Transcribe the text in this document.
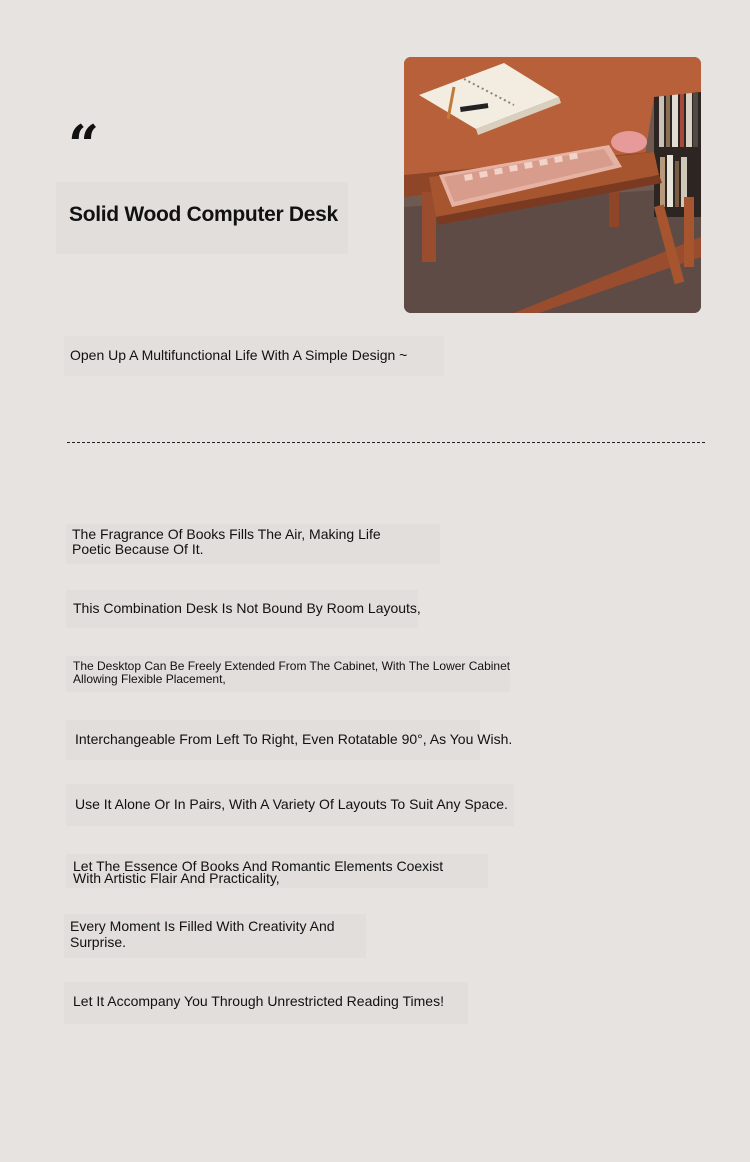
“
Solid Wood Computer Desk
Open Up A Multifunctional Life With A Simple Design ~
The Fragrance Of Books Fills The Air, Making Life
Poetic Because Of It.
This Combination Desk Is Not Bound By Room Layouts,
The Desktop Can Be Freely Extended From The Cabinet, With The Lower Cabinet
Allowing Flexible Placement,
Interchangeable From Left To Right, Even Rotatable 90°, As You Wish.
Use It Alone Or In Pairs, With A Variety Of Layouts To Suit Any Space.
Let The Essence Of Books And Romantic Elements Coexist
With Artistic Flair And Practicality,
Every Moment Is Filled With Creativity And
Surprise.
Let It Accompany You Through Unrestricted Reading Times!
